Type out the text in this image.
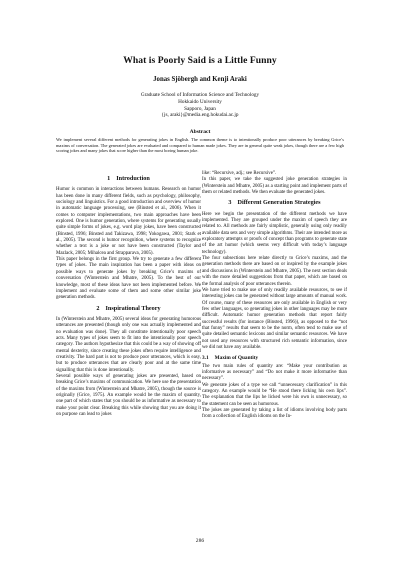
What is Poorly Said is a Little Funny
Jonas Sjöbergh and Kenji Araki
Graduate School of Information Science and Technology
Hokkaido University
Sapporo, Japan
{js, araki}@media.eng.hokudai.ac.jp
Abstract
We implement several different methods for generating jokes in English. The common theme is to intentionally produce poor utterances by breaking Grice’s maxims of conversation. The generated jokes are evaluated and compared to human made jokes. They are in general quite weak jokes, though there are a few high scoring jokes and many jokes that score higher than the most boring human joke.
1 Introduction

Humor is common in interactions between humans. Research on humor has been done in many different fields, such as psychology, philosophy, sociology and linguistics. For a good introduction and overview of humor in automatic language processing, see (Binsted et al., 2006). When it comes to computer implementations, two main approaches have been explored. One is humor generation, where systems for generating usually quite simple forms of jokes, e.g. word play jokes, have been constructed (Binsted, 1996; Binsted and Takizawa, 1998; Yokogawa, 2001; Stark et al., 2005). The second is humor recognition, where systems to recognize whether a text is a joke or not have been constructed (Taylor and Mazlack, 2005; Mihalcea and Strapparava, 2005).

This paper belongs in the first group. We try to generate a few different types of jokes. The main inspiration has been a paper with ideas on possible ways to generate jokes by breaking Grice’s maxims of conversation (Winterstein and Mhatre, 2005). To the best of our knowledge, most of these ideas have not been implemented before. We implement and evaluate some of them and some other similar joke generation methods.

2 Inspirational Theory

In (Winterstein and Mhatre, 2005) several ideas for generating humorous utterances are presented (though only one was actually implemented and no evaluation was done). They all constitute intentionally poor speech acts. Many types of jokes seem to fit into the intentionally poor speech category. The authors hypothesize that this could be a way of showing off mental dexterity, since creating these jokes often require intelligence and creativity. The hard part is not to produce poor utterances, which is easy, but to produce utterances that are clearly poor and at the same time signalling that this is done intentionally.

Several possible ways of generating jokes are presented, based on breaking Grice’s maxims of communication. We here use the presentation of the maxims from (Winterstein and Mhatre, 2005), though the source is originally (Grice, 1975). An example would be the maxim of quantity, one part of which states that you should be as informative as necessary to make your point clear. Breaking this while showing that you are doing it on purpose can lead to jokes

like: “Recursive, adj.; see Recursive”.

In this paper, we take the suggested joke generation strategies in (Winterstein and Mhatre, 2005) as a starting point and implement parts of them or related methods. We then evaluate the generated jokes.

3 Different Generation Strategies

Here we begin the presentation of the different methods we have implemented. They are grouped under the maxim of speech they are related to. All methods are fairly simplistic, generally using only readily available data sets and very simple algorithms. Their are intended more as exploratory attempts or proofs of concept than programs to generate state of the art humor (which seems very difficult with today’s language technology).

The four subsections here relate directly to Grice’s maxims, and the generation methods there are based on or inspired by the example jokes and discussions in (Winterstein and Mhatre, 2005). The next section deals with the more detailed suggestions from that paper, which are based on the formal analysis of poor utterances therein.

We have tried to make use of only readily available resources, to see if interesting jokes can be generated without large amounts of manual work. Of course, many of these resources are only available in English or very few other languages, so generating jokes in other languages may be more difficult. Automatic humor generation methods that report fairly successful results (for instance (Binsted, 1996)), as opposed to the “not that funny” results that seem to be the norm, often tend to make use of quite detailed semantic lexicons and similar semantic resources. We have not used any resources with structured rich semantic information, since we did not have any available.

3.1 Maxim of Quantity

The two main rules of quantity are: “Make your contribution as informative as necessary” and “Do not make it more informative than necessary”.

We generate jokes of a type we call “unnecessary clarification” in this category. An example would be “He stood there licking his own lips”. The explanation that the lips he licked were his own is unnecessary, so the statement can be seen as humorous.

The jokes are generated by taking a list of idioms involving body parts from a collection of English idioms on the In-

286
